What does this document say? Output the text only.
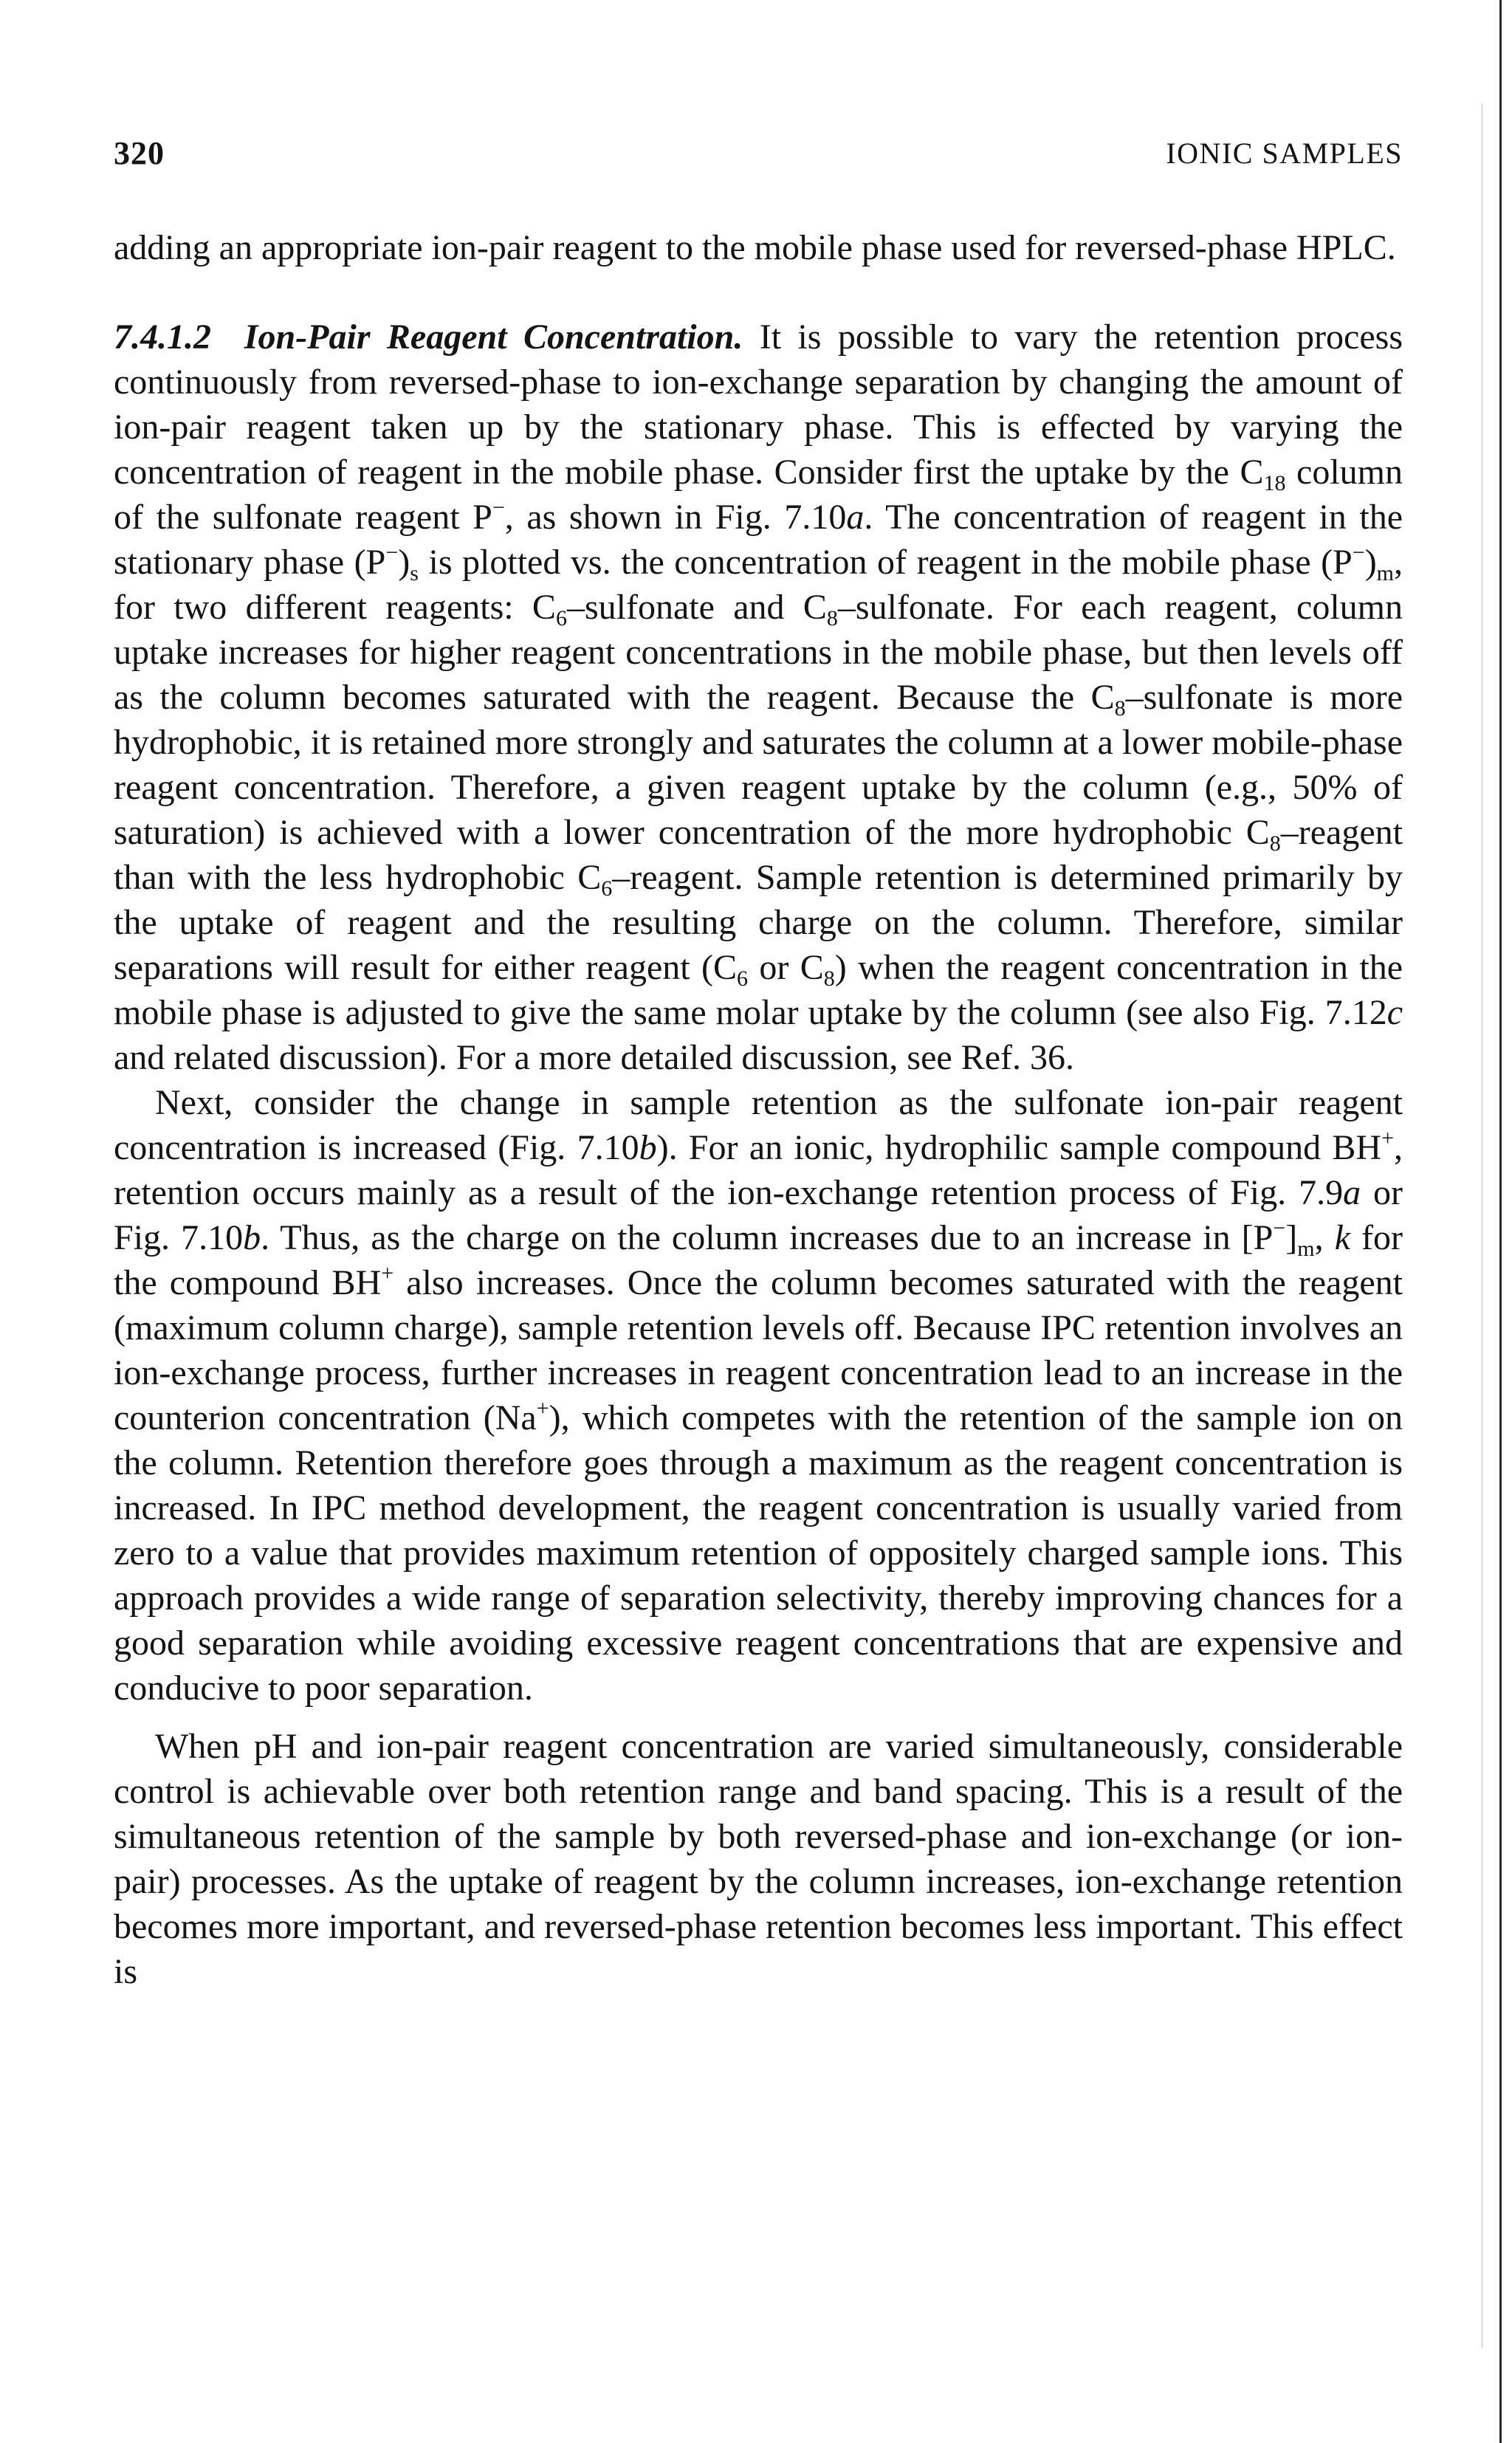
320	IONIC SAMPLES

adding an appropriate ion-pair reagent to the mobile phase used for reversed-phase HPLC.

7.4.1.2 Ion-Pair Reagent Concentration. It is possible to vary the retention process continuously from reversed-phase to ion-exchange separation by changing the amount of ion-pair reagent taken up by the stationary phase. This is effected by varying the concentration of reagent in the mobile phase. Consider first the uptake by the $C_{18}$ column of the sulfonate reagent P−, as shown in Fig. 7.10a. The concentration of reagent in the stationary phase $(P^-)_s$ is plotted vs. the concentration of reagent in the mobile phase $(P^-)_m$, for two different reagents: $C_6$–sulfonate and $C_8$–sulfonate. For each reagent, column uptake increases for higher reagent concentrations in the mobile phase, but then levels off as the column becomes saturated with the reagent. Because the $C_8$–sulfonate is more hydrophobic, it is retained more strongly and saturates the column at a lower mobile-phase reagent concentration. Therefore, a given reagent uptake by the column (e.g., 50% of saturation) is achieved with a lower concentration of the more hydrophobic $C_8$–reagent than with the less hydrophobic $C_6$–reagent. Sample retention is determined primarily by the uptake of reagent and the resulting charge on the column. Therefore, similar separations will result for either reagent ($C_6$ or $C_8$) when the reagent concentration in the mobile phase is adjusted to give the same molar uptake by the column (see also Fig. 7.12c and related discussion). For a more detailed discussion, see Ref. 36.

Next, consider the change in sample retention as the sulfonate ion-pair reagent concentration is increased (Fig. 7.10b). For an ionic, hydrophilic sample compound BH+, retention occurs mainly as a result of the ion-exchange retention process of Fig. 7.9a or Fig. 7.10b. Thus, as the charge on the column increases due to an increase in $[P^-]_m$, k for the compound BH+ also increases. Once the column becomes saturated with the reagent (maximum column charge), sample retention levels off. Because IPC retention involves an ion-exchange process, further increases in reagent concentration lead to an increase in the counterion concentration (Na+), which competes with the retention of the sample ion on the column. Retention therefore goes through a maximum as the reagent concentration is increased. In IPC method development, the reagent concentration is usually varied from zero to a value that provides maximum retention of oppositely charged sample ions. This approach provides a wide range of separation selectivity, thereby improving chances for a good separation while avoiding excessive reagent concentrations that are expensive and conducive to poor separation.

When pH and ion-pair reagent concentration are varied simultaneously, considerable control is achievable over both retention range and band spacing. This is a result of the simultaneous retention of the sample by both reversed-phase and ion-exchange (or ion-pair) processes. As the uptake of reagent by the column increases, ion-exchange retention becomes more important, and reversed-phase retention becomes less important. This effect is
